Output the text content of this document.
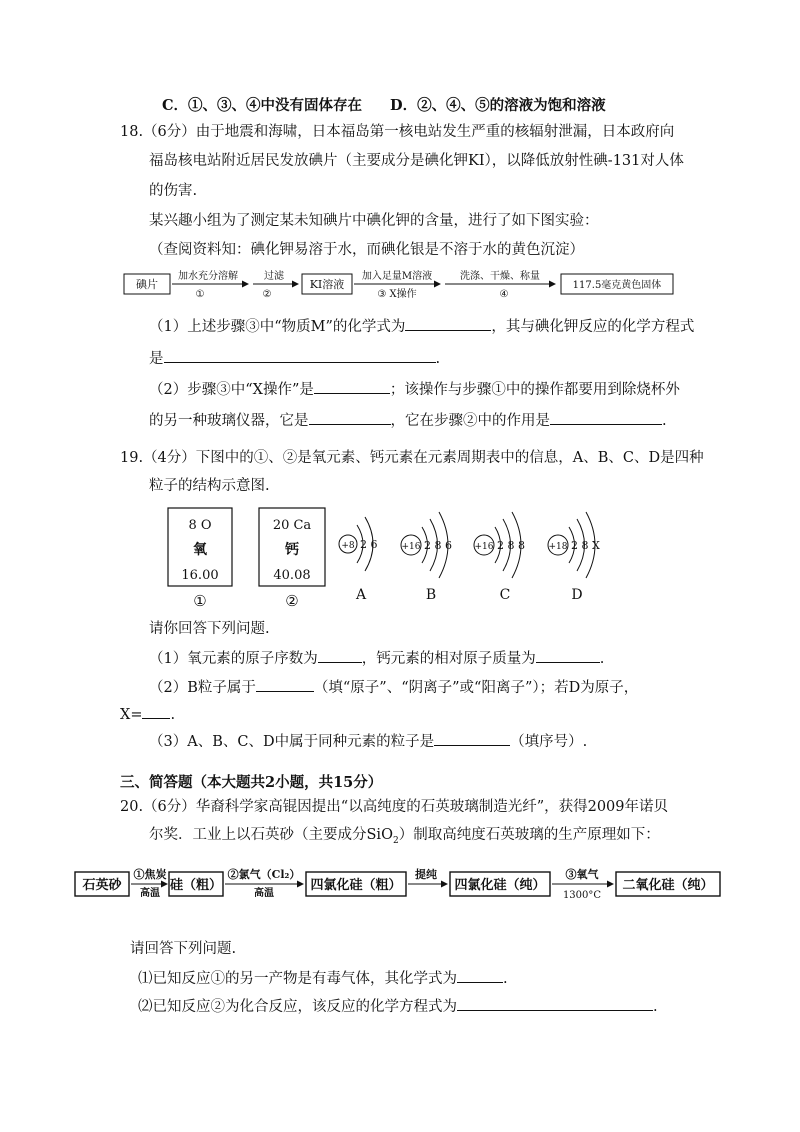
C．①、③、④中没有固体存在 D．②、④、⑤的溶液为饱和溶液
18.（6分）由于地震和海啸，日本福岛第一核电站发生严重的核辐射泄漏，日本政府向
福岛核电站附近居民发放碘片（主要成分是碘化钾KI），以降低放射性碘-131对人体
的伤害.
某兴趣小组为了测定某未知碘片中碘化钾的含量，进行了如下图实验：
（查阅资料知：碘化钾易溶于水，而碘化银是不溶于水的黄色沉淀）
碘片
加水充分溶解
①
过滤
②
KI溶液
加入足量M溶液
③ X操作
洗涤、干燥、称量
④
117.5毫克黄色固体
（1）上述步骤③中“物质M”的化学式为	，其与碘化钾反应的化学方程式
是	.
（2）步骤③中“X操作”是	；该操作与步骤①中的操作都要用到除烧杯外
的另一种玻璃仪器，它是	，它在步骤②中的作用是	.
19.（4分）下图中的①、②是氧元素、钙元素在元素周期表中的信息，A、B、C、D是四种
粒子的结构示意图.
8 O
氧
16.00
①
20 Ca
钙
40.08
②
+8 2 6
A
+16 2 8 6
B
+16 2 8 8
C
+18 2 8 X
D
请你回答下列问题.
（1）氧元素的原子序数为	，钙元素的相对原子质量为	.
（2）B粒子属于	（填“原子”、“阴离子”或“阳离子”）；若D为原子，
X= .
（3）A、B、C、D中属于同种元素的粒子是	（填序号）.
三、简答题（本大题共2小题，共15分）
20.（6分）华裔科学家高锟因提出“以高纯度的石英玻璃制造光纤”，获得2009年诺贝
尔奖．工业上以石英砂（主要成分SiO$_2$）制取高纯度石英玻璃的生产原理如下：
石英砂
①焦炭
高温
硅（粗）
②氯气（Cl₂）
高温
四氯化硅（粗）
提纯
四氯化硅（纯）
③氧气
1300°C
二氧化硅（纯）
请回答下列问题.
⑴已知反应①的另一产物是有毒气体，其化学式为	.
⑵已知反应②为化合反应，该反应的化学方程式为	.
